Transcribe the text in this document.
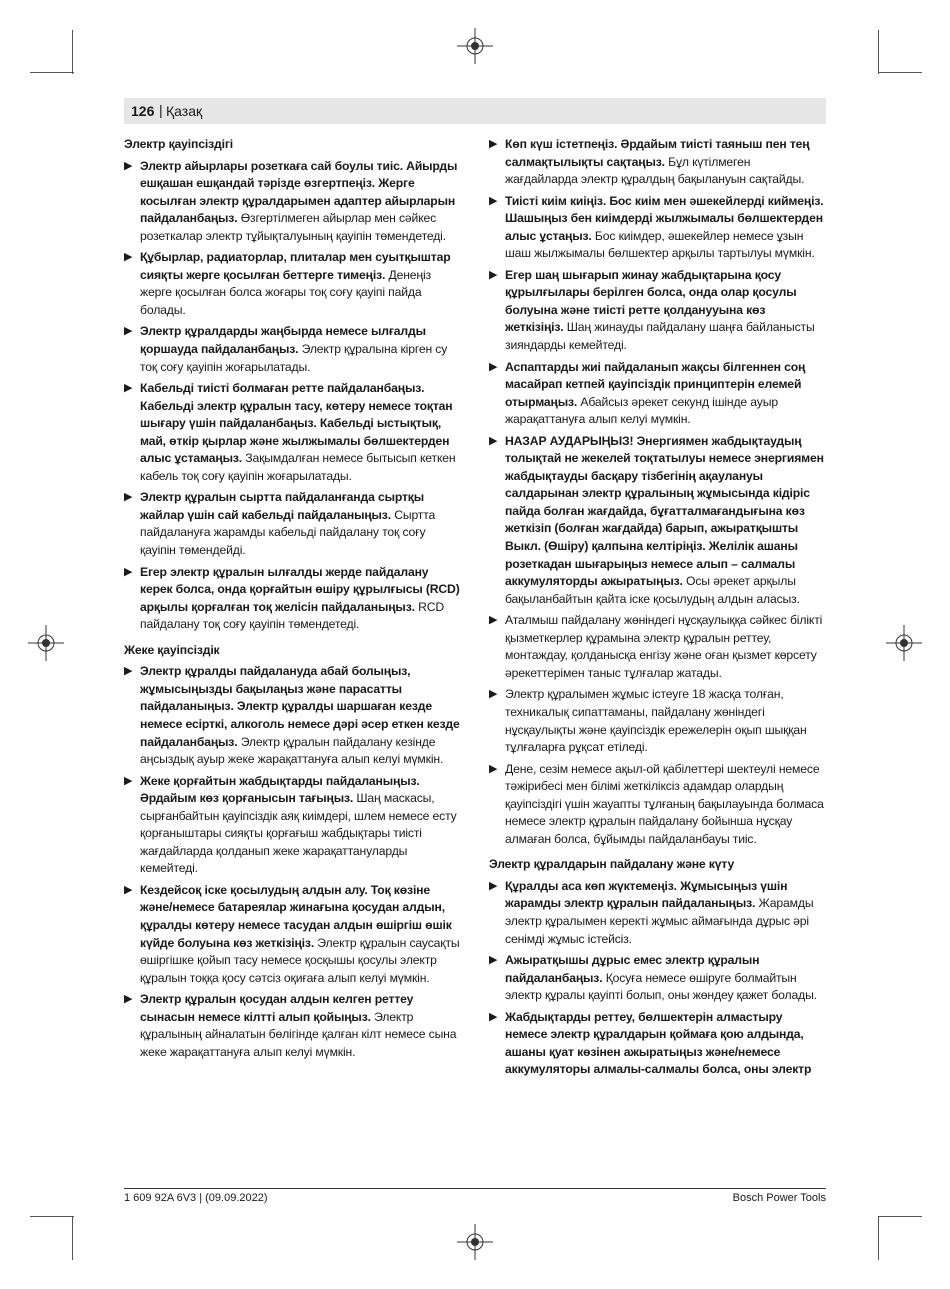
126 | Қазақ
Электр қауіпсіздігі
▶ Электр айырлары розеткаға сай боулы тиіс. Айырды ешқашан ешқандай тәрізде өзгертпеңіз. Жерге косылған электр құралдарымен адаптер айырларын пайдаланбаңыз. Өзгертілмеген айырлар мен сәйкес розеткалар электр тұйықталуының қауіпін төмендетеді.
▶ Құбырлар, радиаторлар, плиталар мен суытқыштар сияқты жерге қосылған беттерге тимеңіз. Денеңіз жерге қосылған болса жоғары тоқ соғу қауіпі пайда болады.
▶ Электр құралдарды жаңбырда немесе ылғалды қоршауда пайдаланбаңыз. Электр құралына кірген су тоқ соғу қауіпін жоғарылатады.
▶ Кабельді тиісті болмаған ретте пайдаланбаңыз. Кабельді электр құралын тасу, көтеру немесе тоқтан шығару үшін пайдаланбаңыз. Кабельді ыстықтық, май, өткір қырлар және жылжымалы бөлшектерден алыс ұстамаңыз. Зақымдалған немесе бытысып кеткен кабель тоқ соғу қауіпін жоғарылатады.
▶ Электр құралын сыртта пайдаланғанда сыртқы жайлар үшін сай кабельді пайдаланыңыз. Сыртта пайдалануға жарамды кабельді пайдалану тоқ соғу қауіпін төмендейді.
▶ Егер электр құралын ылғалды жерде пайдалану керек болса, онда қорғайтын өшіру құрылғысы (RCD) арқылы қорғалған тоқ желісін пайдаланыңыз. RCD пайдалану тоқ соғу қауіпін төмендетеді.
Жеке қауіпсіздік
▶ Электр құралды пайдалануда абай болыңыз, жұмысыңызды бақылаңыз және парасатты пайдаланыңыз. Электр құралды шаршаған кезде немесе есірткі, алкоголь немесе дәрі әсер еткен кезде пайдаланбаңыз. Электр құралын пайдалану кезінде аңсыздық ауыр жеке жарақаттануға алып келуі мүмкін.
▶ Жеке қорғайтын жабдықтарды пайдаланыңыз. Әрдайым көз қорғанысын тағыңыз. Шаң маскасы, сырғанбайтын қауіпсіздік аяқ киімдері, шлем немесе есту қорғаныштары сияқты қорғағыш жабдықтары тиісті жағдайларда қолданып жеке жарақаттануларды кемейтеді.
▶ Кездейсоқ іске қосылудың алдын алу. Тоқ көзіне және/немесе батареялар жинағына қосудан алдын, құралды көтеру немесе тасудан алдын өшіргіш өшік күйде болуына көз жеткізіңіз. Электр құралын саусақты өшіргішке қойып тасу немесе қосқышы қосулы электр құралын тоққа қосу сәтсіз оқиғаға алып келуі мүмкін.
▶ Электр құралын қосудан алдын келген реттеу сынасын немесе кілтті алып қойыңыз. Электр құралының айналатын бөлігінде қалған кілт немесе сына жеке жарақаттануға алып келуі мүмкін.
▶ Көп күш істетпеңіз. Әрдайым тиісті таяныш пен тең салмақтылықты сақтаңыз. Бұл күтілмеген жағдайларда электр құралдың бақылануын сақтайды.
▶ Тиісті киім киіңіз. Бос киім мен әшекейлерді киймеңіз. Шашыңыз бен киімдерді жылжымалы бөлшектерден алыс ұстаңыз. Бос киімдер, әшекейлер немесе ұзын шаш жылжымалы бөлшектер арқылы тартылуы мүмкін.
▶ Егер шаң шығарып жинау жабдықтарына қосу құрылғылары берілген болса, онда олар қосулы болуына және тиісті ретте қолданууына көз жеткізіңіз. Шаң жинауды пайдалану шаңға байланысты зияндарды кемейтеді.
▶ Аспаптарды жиі пайдаланып жақсы білгеннен соң масайрап кетпей қауіпсіздік принциптерін елемей отырмаңыз. Абайсыз әрекет секунд ішінде ауыр жарақаттануға алып келуі мүмкін.
▶ НАЗАР АУДАРЫҢЫЗ! Энергиямен жабдықтаудың толықтай не жекелей тоқтатылуы немесе энергиямен жабдықтауды басқару тізбегінің ақаулануы салдарынан электр құралының жұмысында кідіріс пайда болған жағдайда, бұғатталмағандығына көз жеткізіп (болған жағдайда) барып, ажыратқышты Выкл. (Өшіру) қалпына келтіріңіз. Желілік ашаны розеткадан шығарыңыз немесе алып – салмалы аккумуляторды ажыратыңыз. Осы әрекет арқылы бақыланбайтын қайта іске қосылудың алдын аласыз.
▶ Аталмыш пайдалану жөніндегі нұсқаулыққа сәйкес білікті қызметкерлер құрамына электр құралын реттеу, монтаждау, қолданысқа енгізу және оған қызмет көрсету әрекеттерімен таныс тұлғалар жатады.
▶ Электр құралымен жұмыс істеуге 18 жасқа толған, техникалық сипаттаманы, пайдалану жөніндегі нұсқаулықты және қауіпсіздік ережелерін оқып шыққан тұлғаларға рұқсат етіледі.
▶ Дене, сезім немесе ақыл-ой қабілеттері шектеулі немесе тәжірибесі мен білімі жеткіліксіз адамдар олардың қауіпсіздігі үшін жауапты тұлғаның бақылауында болмаса немесе электр құралын пайдалану бойынша нұсқау алмаған болса, бұйымды пайдаланбауы тиіс.
Электр құралдарын пайдалану және күту
▶ Құралды аса көп жүктемеңіз. Жұмысыңыз үшін жарамды электр құралын пайдаланыңыз. Жарамды электр құралымен керекті жұмыс аймағында дұрыс әрі сенімді жұмыс істейсіз.
▶ Ажыратқышы дұрыс емес электр құралын пайдаланбаңыз. Қосуға немесе өшіруге болмайтын электр құралы қауіпті болып, оны жөндеу қажет болады.
▶ Жабдықтарды реттеу, бөлшектерін алмастыру немесе электр құралдарын қоймаға қою алдында, ашаны қуат көзінен ажыратыңыз және/немесе аккумуляторы алмалы-салмалы болса, оны электр
1 609 92A 6V3 | (09.09.2022)	Bosch Power Tools
